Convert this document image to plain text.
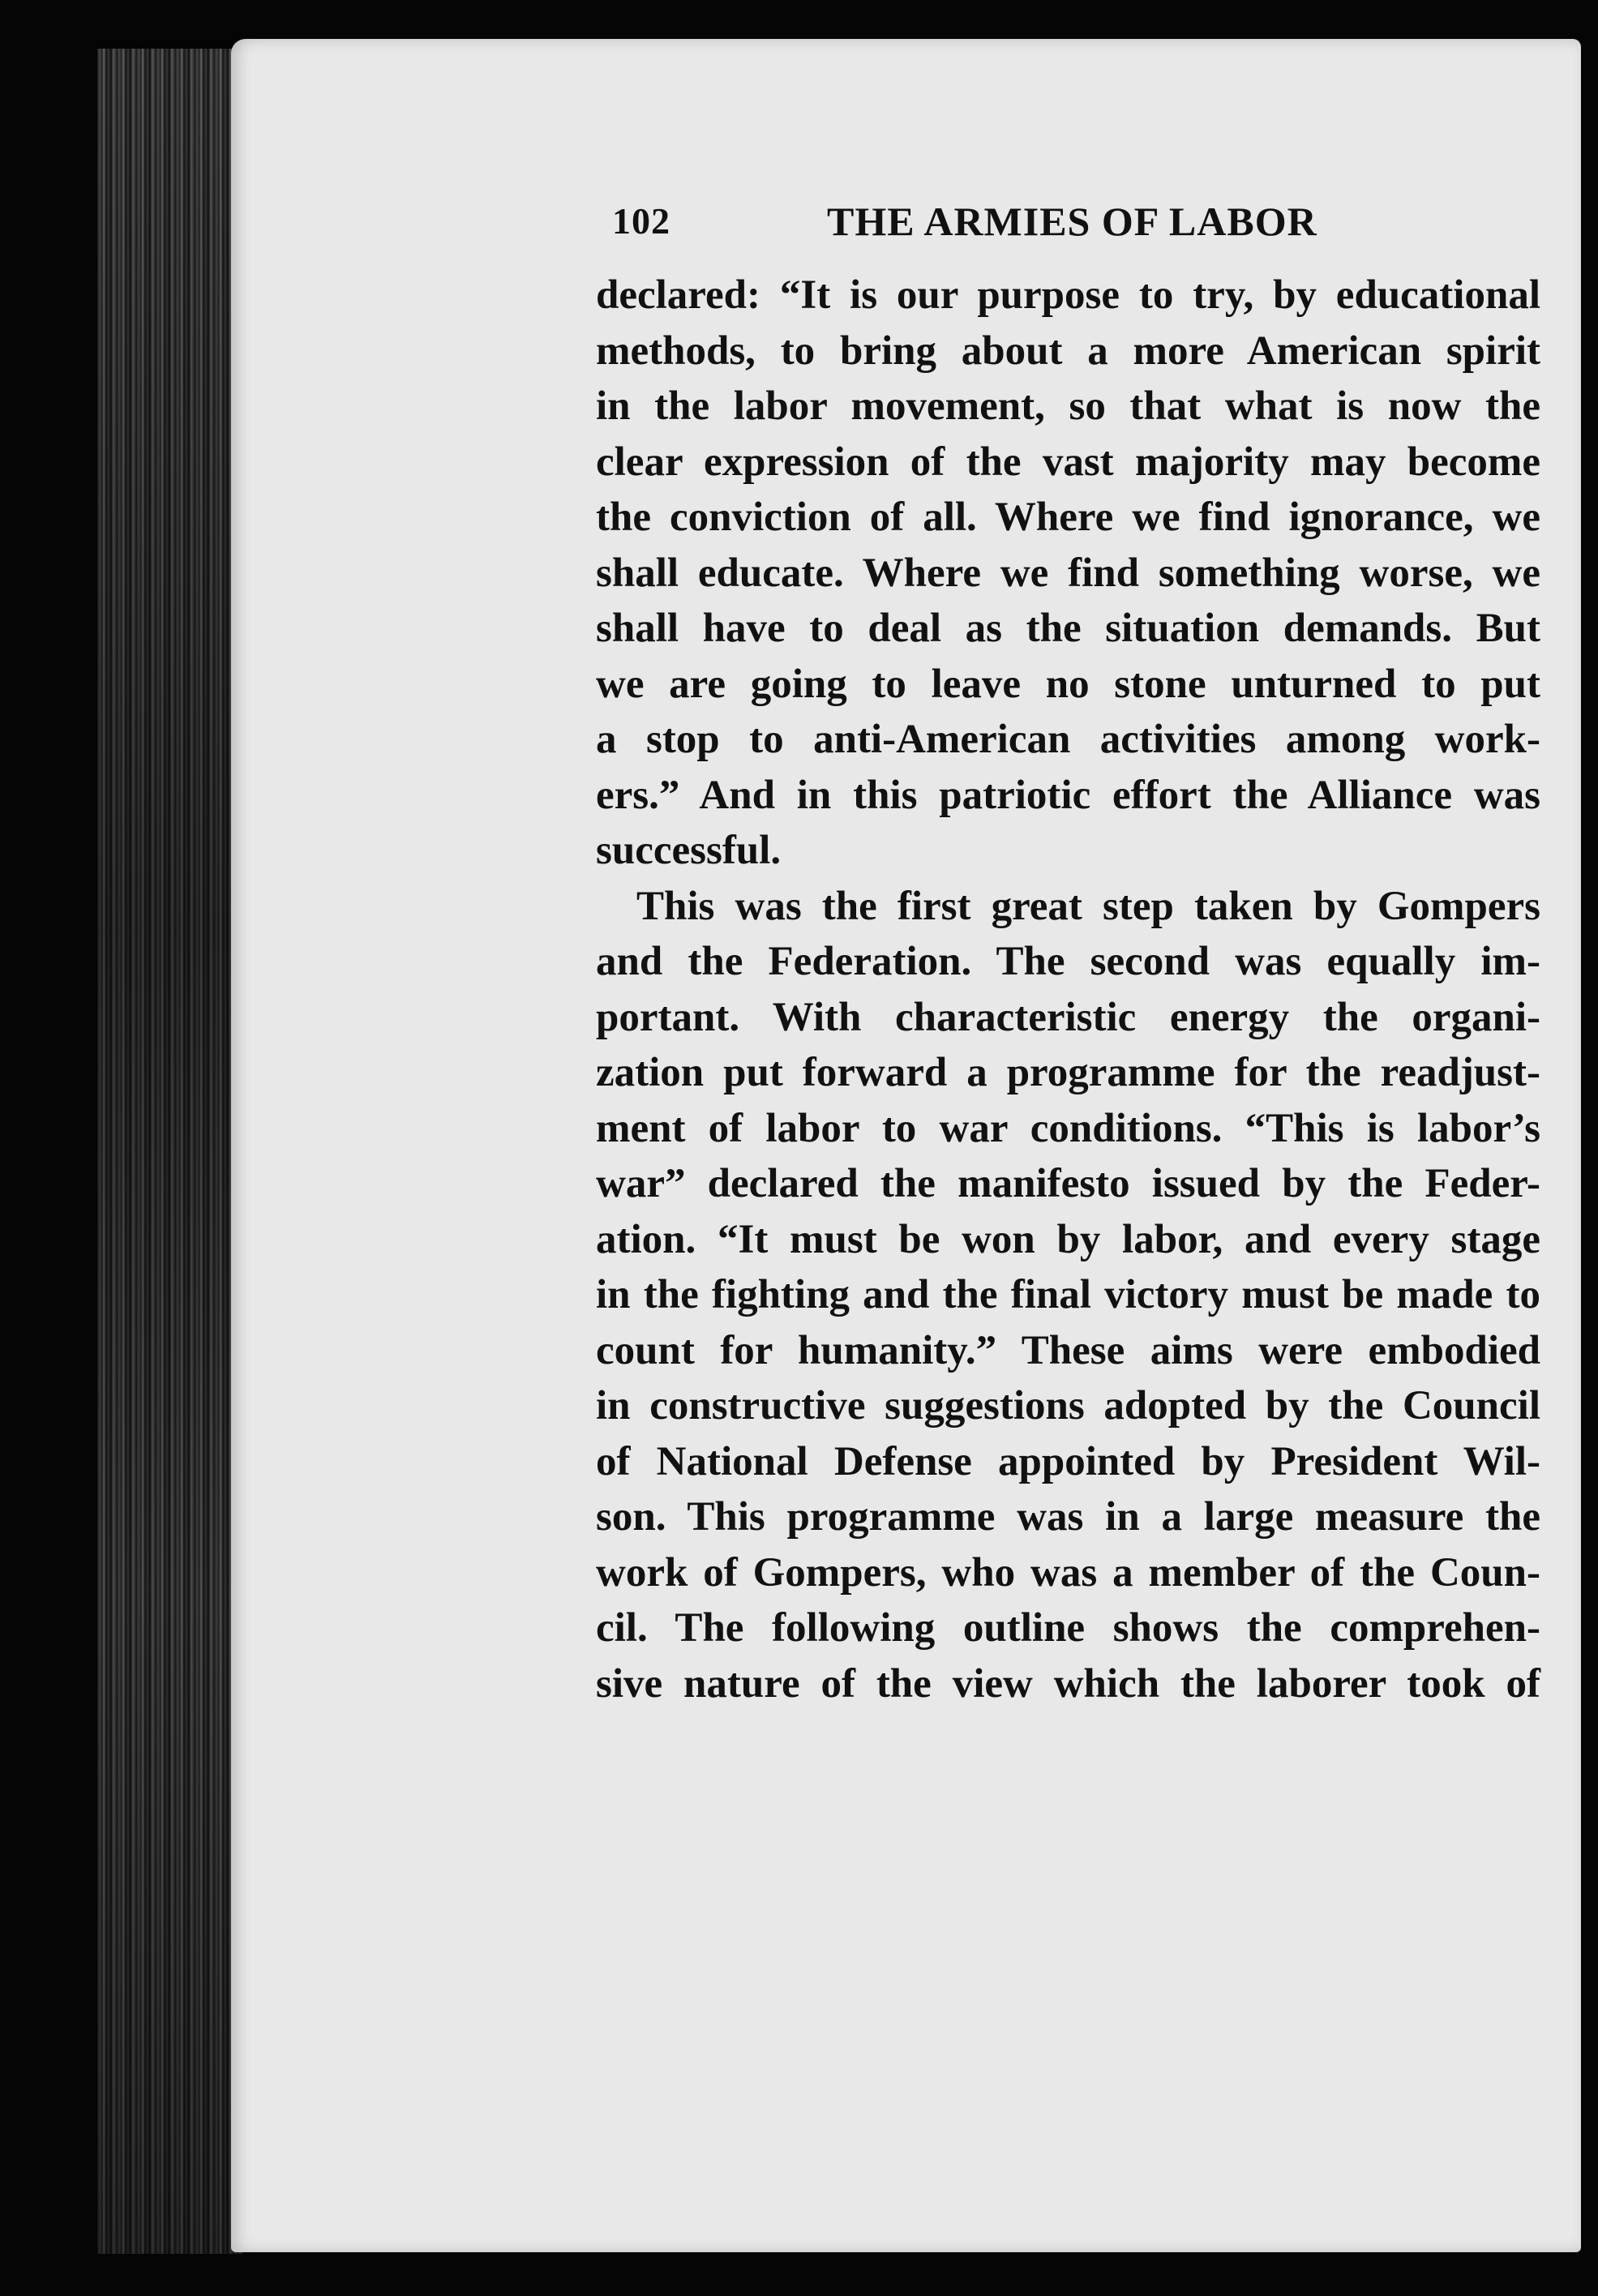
102	THE ARMIES OF LABOR
declared: “It is our purpose to try, by educational
methods, to bring about a more American spirit
in the labor movement, so that what is now the
clear expression of the vast majority may become
the conviction of all. Where we find ignorance, we
shall educate. Where we find something worse, we
shall have to deal as the situation demands. But
we are going to leave no stone unturned to put
a stop to anti-American activities among work-
ers.” And in this patriotic effort the Alliance was
successful.
This was the first great step taken by Gompers
and the Federation. The second was equally im-
portant. With characteristic energy the organi-
zation put forward a programme for the readjust-
ment of labor to war conditions. “This is labor’s
war” declared the manifesto issued by the Feder-
ation. “It must be won by labor, and every stage
in the fighting and the final victory must be made to
count for humanity.” These aims were embodied
in constructive suggestions adopted by the Council
of National Defense appointed by President Wil-
son. This programme was in a large measure the
work of Gompers, who was a member of the Coun-
cil. The following outline shows the comprehen-
sive nature of the view which the laborer took of
